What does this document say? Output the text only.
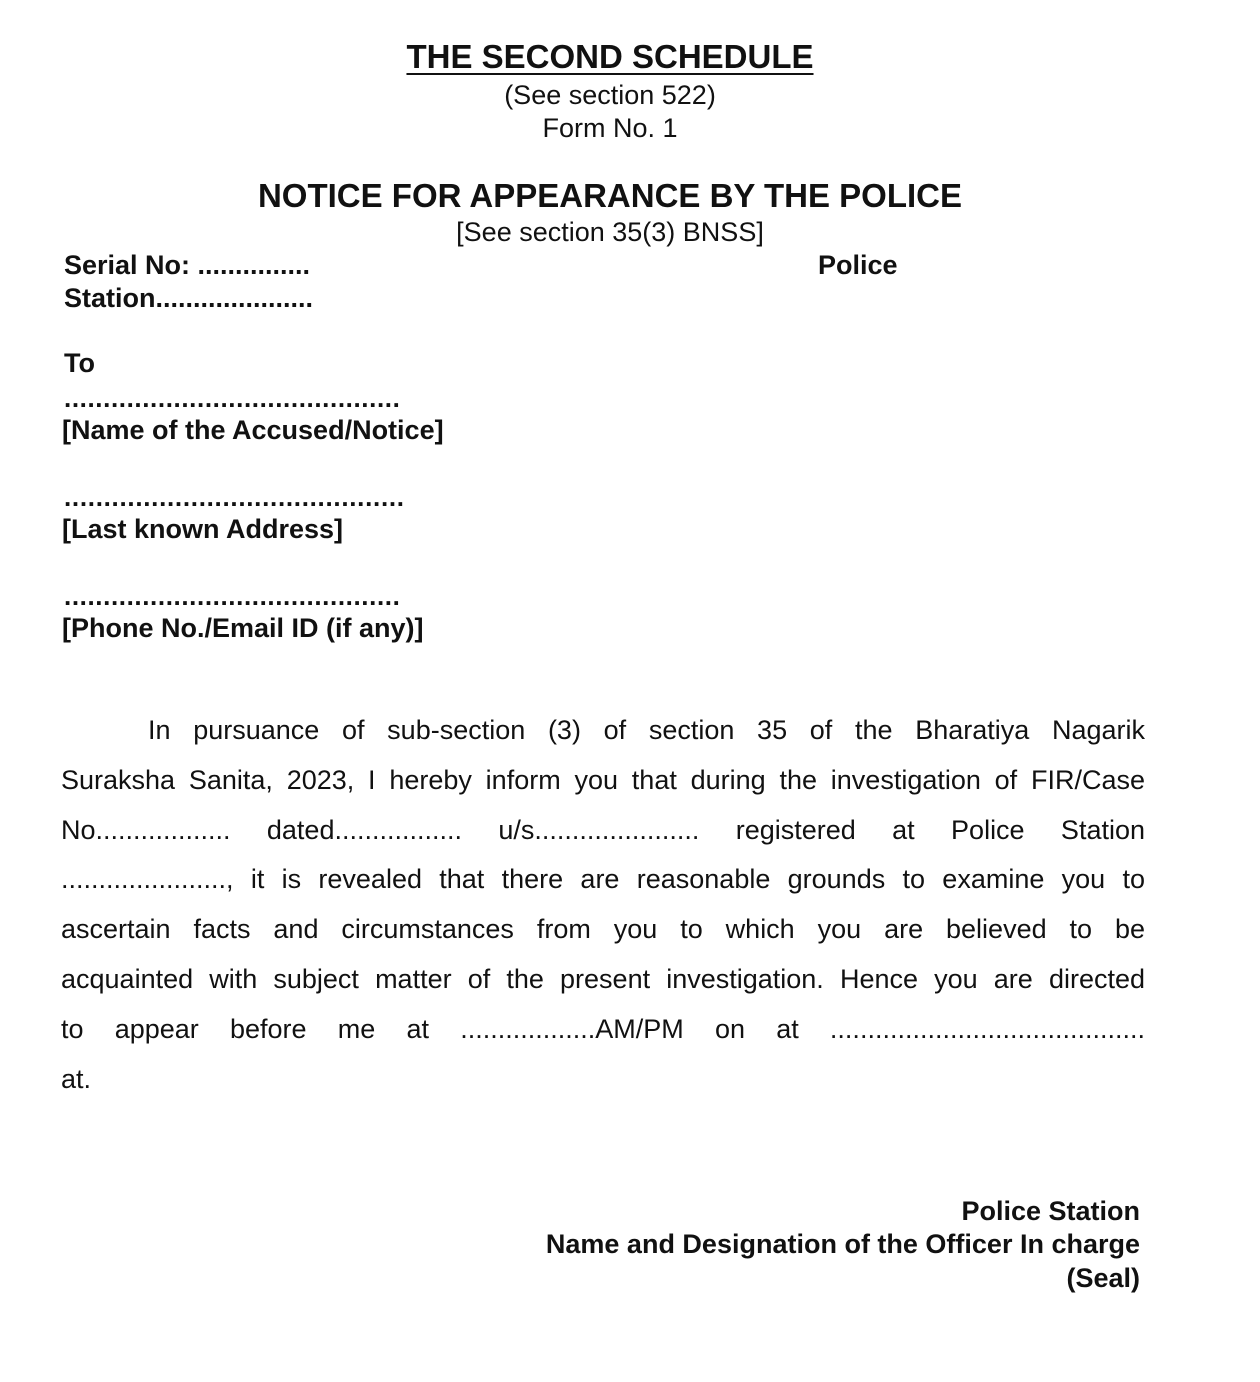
THE SECOND SCHEDULE
(See section 522)
Form No. 1
NOTICE FOR APPEARANCE BY THE POLICE
[See section 35(3) BNSS]
Serial No: ...............	Police
Station.....................
To
...........................................
[Name of the Accused/Notice]
...........................................
[Last known Address]
...........................................
[Phone No./Email ID (if any)]

In pursuance of sub-section (3) of section 35 of the Bharatiya Nagarik

Suraksha Sanita, 2023, I hereby inform you that during the investigation of FIR/Case

No.................. dated................. u/s...................... registered at Police Station

......................, it is revealed that there are reasonable grounds to examine you to

ascertain facts and circumstances from you to which you are believed to be

acquainted with subject matter of the present investigation. Hence you are directed

to appear before me at ..................AM/PM on at ..........................................

at.

Police Station
Name and Designation of the Officer In charge
(Seal)
